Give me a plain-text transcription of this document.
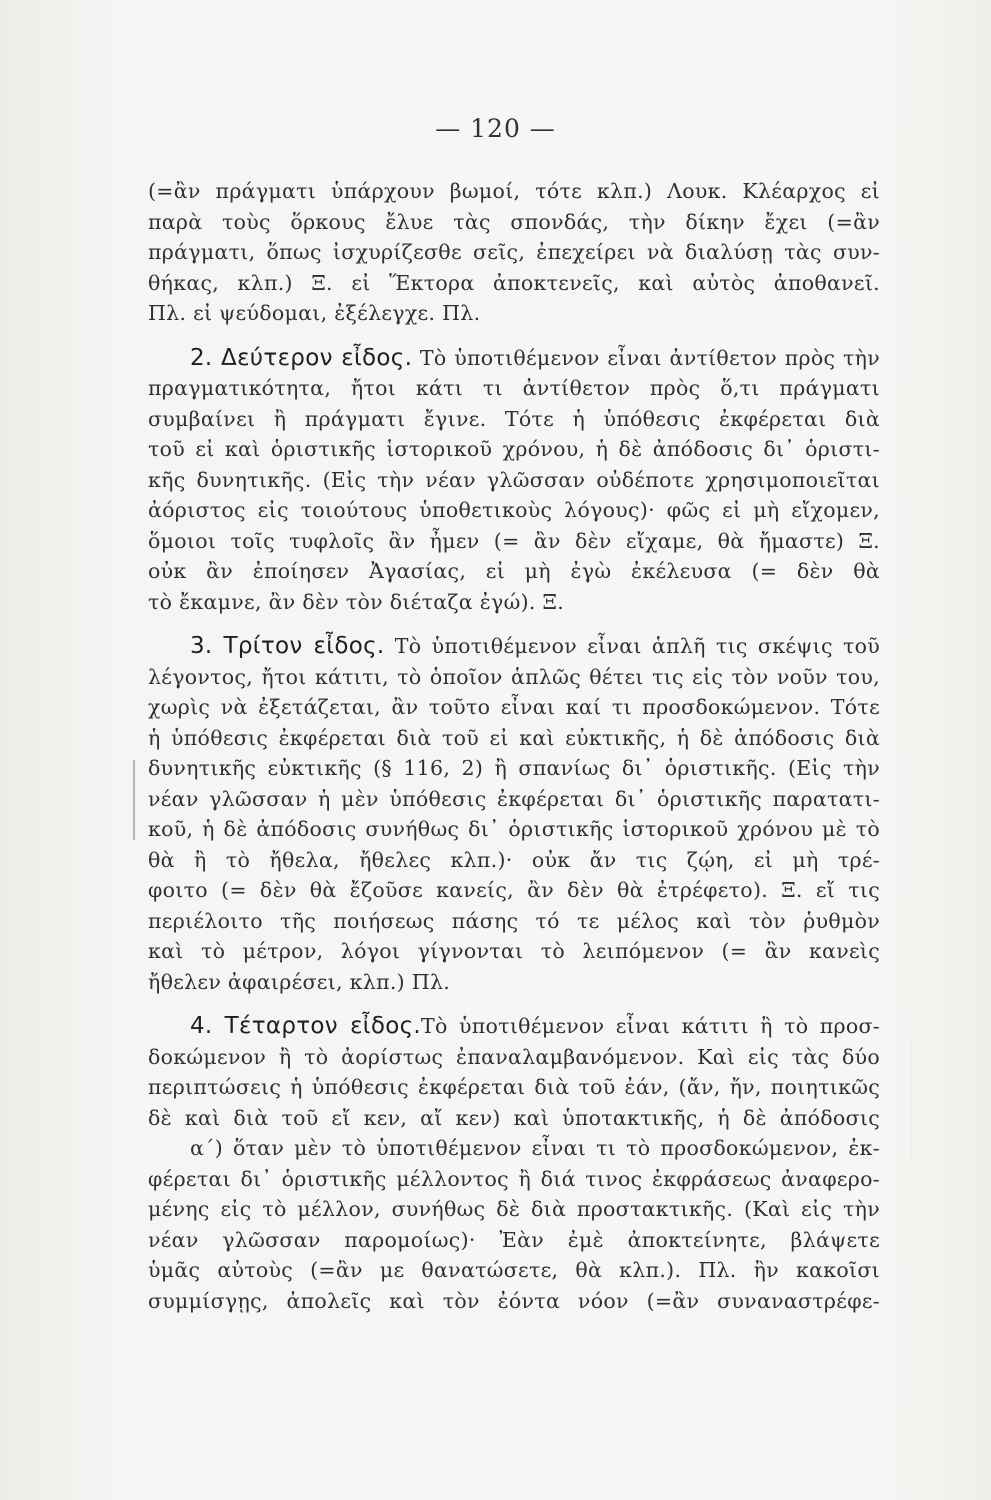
— 120 —
(=ἂν πράγματι ὑπάρχουν βωμοί, τότε κλπ.) Λουκ. Κλέαρχος εἰ
παρὰ τοὺς ὅρκους ἔλυε τὰς σπονδάς, τὴν δίκην ἔχει (=ἂν
πράγματι, ὅπως ἰσχυρίζεσθε σεῖς, ἐπεχείρει νὰ διαλύσῃ τὰς συν-
θήκας, κλπ.) Ξ. εἰ Ἕκτορα ἀποκτενεῖς, καὶ αὐτὸς ἀποθανεῖ.
Πλ. εἰ ψεύδομαι, ἐξέλεγχε. Πλ.
2. Δεύτερον εἶδος. Τὸ ὑποτιθέμενον εἶναι ἀντίθετον πρὸς τὴν
πραγματικότητα, ἤτοι κάτι τι ἀντίθετον πρὸς ὅ,τι πράγματι
συμβαίνει ἢ πράγματι ἔγινε. Τότε ἡ ὑπόθεσις ἐκφέρεται διὰ
τοῦ εἰ καὶ ὁριστικῆς ἱστορικοῦ χρόνου, ἡ δὲ ἀπόδοσις δι᾽ ὁριστι-
κῆς δυνητικῆς. (Εἰς τὴν νέαν γλῶσσαν οὐδέποτε χρησιμοποιεῖται
ἀόριστος εἰς τοιούτους ὑποθετικοὺς λόγους)· φῶς εἰ μὴ εἴχομεν,
ὅμοιοι τοῖς τυφλοῖς ἂν ἦμεν (= ἂν δὲν εἴχαμε, θὰ ἤμαστε) Ξ.
οὐκ ἂν ἐποίησεν Ἀγασίας, εἰ μὴ ἐγὼ ἐκέλευσα (= δὲν θὰ
τὸ ἔκαμνε, ἂν δὲν τὸν διέταζα ἐγώ). Ξ.
3. Τρίτον εἶδος. Τὸ ὑποτιθέμενον εἶναι ἁπλῆ τις σκέψις τοῦ
λέγοντος, ἤτοι κάτιτι, τὸ ὁποῖον ἁπλῶς θέτει τις εἰς τὸν νοῦν του,
χωρὶς νὰ ἐξετάζεται, ἂν τοῦτο εἶναι καί τι προσδοκώμενον. Τότε
ἡ ὑπόθεσις ἐκφέρεται διὰ τοῦ εἰ καὶ εὐκτικῆς, ἡ δὲ ἀπόδοσις διὰ
δυνητικῆς εὐκτικῆς (§ 116, 2) ἢ σπανίως δι᾽ ὁριστικῆς. (Εἰς τὴν
νέαν γλῶσσαν ἡ μὲν ὑπόθεσις ἐκφέρεται δι᾽ ὁριστικῆς παρατατι-
κοῦ, ἡ δὲ ἀπόδοσις συνήθως δι᾽ ὁριστικῆς ἱστορικοῦ χρόνου μὲ τὸ
θὰ ἢ τὸ ἤθελα, ἤθελες κλπ.)· οὐκ ἄν τις ζῴη, εἰ μὴ τρέ-
φοιτο (= δὲν θὰ ἔζοῦσε κανείς, ἂν δὲν θὰ ἐτρέφετο). Ξ. εἴ τις
περιέλοιτο τῆς ποιήσεως πάσης τό τε μέλος καὶ τὸν ῥυθμὸν
καὶ τὸ μέτρον, λόγοι γίγνονται τὸ λειπόμενον (= ἂν κανεὶς
ἤθελεν ἀφαιρέσει, κλπ.) Πλ.
4. Τέταρτον εἶδος.Τὸ ὑποτιθέμενον εἶναι κάτιτι ἢ τὸ προσ-
δοκώμενον ἢ τὸ ἀορίστως ἐπαναλαμβανόμενον. Καὶ εἰς τὰς δύο
περιπτώσεις ἡ ὑπόθεσις ἐκφέρεται διὰ τοῦ ἐάν, (ἄν, ἤν, ποιητικῶς
δὲ καὶ διὰ τοῦ εἴ κεν, αἴ κεν) καὶ ὑποτακτικῆς, ἡ δὲ ἀπόδοσις
α΄) ὅταν μὲν τὸ ὑποτιθέμενον εἶναι τι τὸ προσδοκώμενον, ἐκ-
φέρεται δι᾽ ὁριστικῆς μέλλοντος ἢ διά τινος ἐκφράσεως ἀναφερο-
μένης εἰς τὸ μέλλον, συνήθως δὲ διὰ προστακτικῆς. (Καὶ εἰς τὴν
νέαν γλῶσσαν παρομοίως)· Ἐὰν ἐμὲ ἀποκτείνητε, βλάψετε
ὑμᾶς αὐτοὺς (=ἂν με θανατώσετε, θὰ κλπ.). Πλ. ἢν κακοῖσι
συμμίσγῃς, ἀπολεῖς καὶ τὸν ἐόντα νόον (=ἂν συναναστρέφε-
